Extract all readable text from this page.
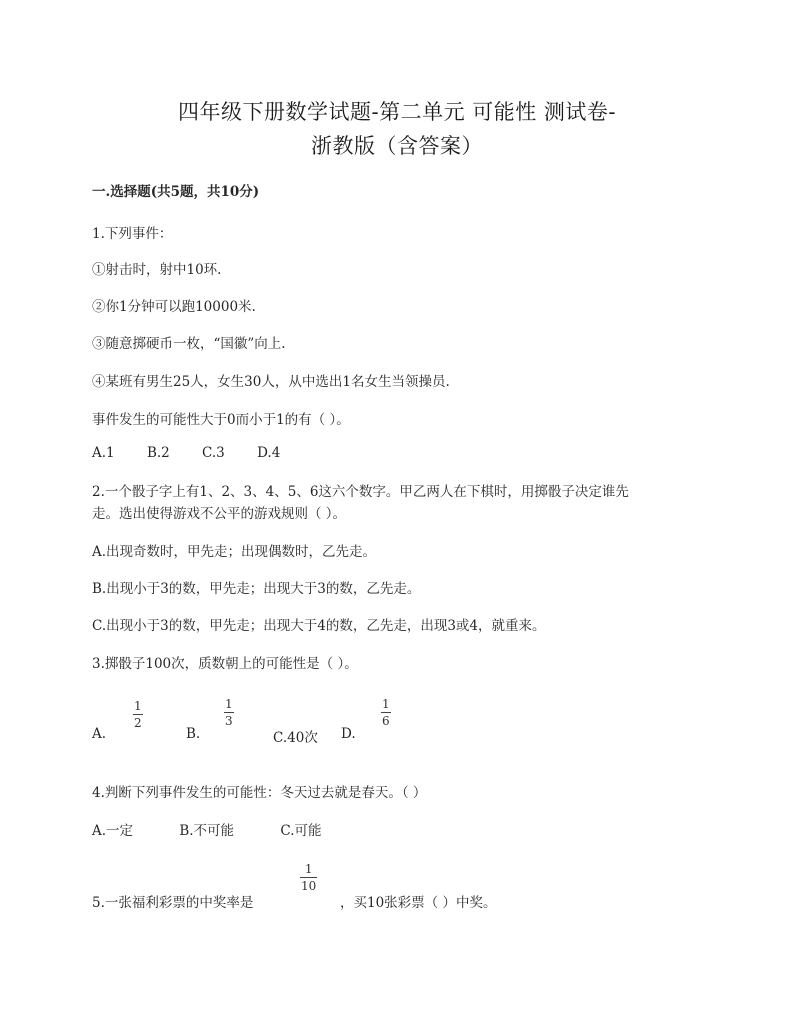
四年级下册数学试题-第二单元 可能性 测试卷-
浙教版（含答案）
一.选择题(共5题，共10分)
1.下列事件：
①射击时，射中10环.
②你1分钟可以跑10000米.
③随意掷硬币一枚，“国徽”向上.
④某班有男生25人，女生30人，从中选出1名女生当领操员.
事件发生的可能性大于0而小于1的有（ ）。
A.1 B.2 C.3 D.4
2.一个骰子字上有1、2、3、4、5、6这六个数字。甲乙两人在下棋时，用掷骰子决定谁先
走。选出使得游戏不公平的游戏规则（ ）。
A.出现奇数时，甲先走；出现偶数时，乙先走。
B.出现小于3的数，甲先走；出现大于3的数，乙先走。
C.出现小于3的数，甲先走；出现大于4的数，乙先走，出现3或4，就重来。
3.掷骰子100次，质数朝上的可能性是（ ）。
A.
1
2
B.
1
3
C.40次 D.
1
6
4.判断下列事件发生的可能性：冬天过去就是春天。（ ）
A.一定	B.不可能	C.可能
5.一张福利彩票的中奖率是
1
10
，买10张彩票（ ）中奖。
